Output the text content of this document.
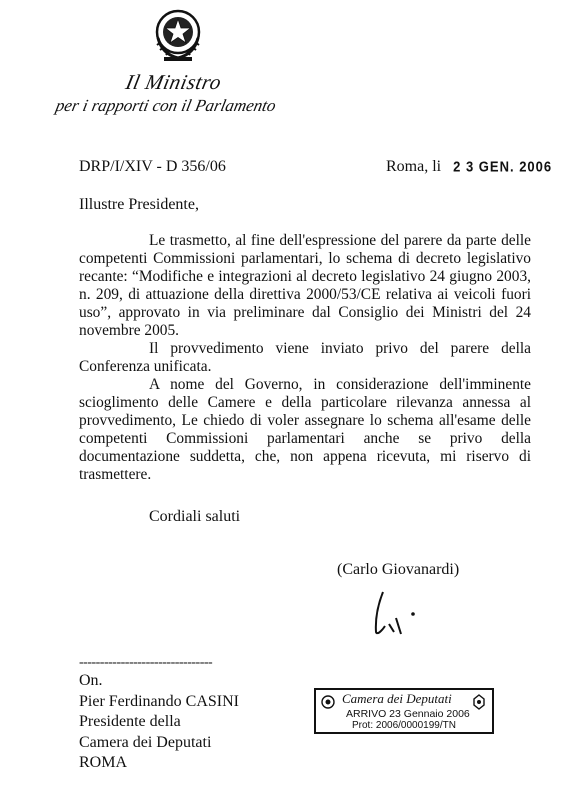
Il Ministro
per i rapporti con il Parlamento
DRP/I/XIV - D 356/06	Roma, li 2 3 GEN. 2006
Illustre Presidente,

Le trasmetto, al fine dell'espressione del parere da parte delle competenti Commissioni parlamentari, lo schema di decreto legislativo recante: “Modifiche e integrazioni al decreto legislativo 24 giugno 2003, n. 209, di attuazione della direttiva 2000/53/CE relativa ai veicoli fuori uso”, approvato in via preliminare dal Consiglio dei Ministri del 24 novembre 2005.

Il provvedimento viene inviato privo del parere della Conferenza unificata.

A nome del Governo, in considerazione dell'imminente scioglimento delle Camere e della particolare rilevanza annessa al provvedimento, Le chiedo di voler assegnare lo schema all'esame delle competenti Commissioni parlamentari anche se privo della documentazione suddetta, che, non appena ricevuta, mi riservo di trasmettere.

Cordiali saluti
(Carlo Giovanardi)
--------------------------------
On.
Pier Ferdinando CASINI
Presidente della
Camera dei Deputati
ROMA
Camera dei Deputati
ARRIVO 23 Gennaio 2006
Prot: 2006/0000199/TN
